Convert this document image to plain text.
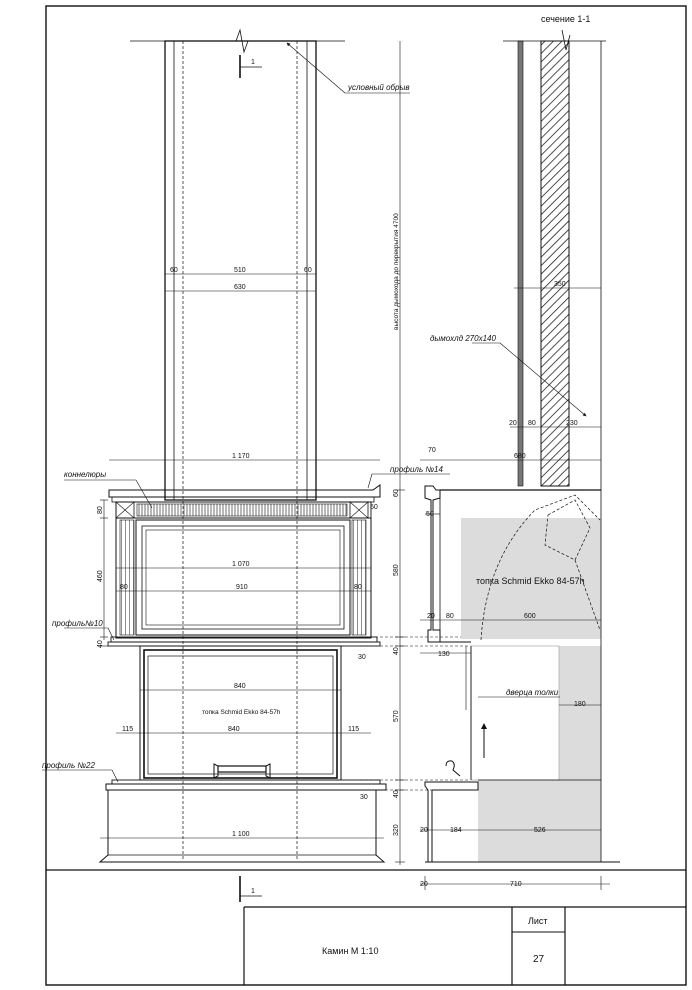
сечение 1-1
1
1
условный обрыв
высота дымохода до перекрытия 4700
дымохлд 270x140
коннелюры
профиль №14
профиль№10
профиль №22
топка Schmid Ekko 84-57h
топка Schmid Ekko 84-57h
дверца толки
60	510	60
630
1 170
80
460
50
1 070
80	910	80
40
840
115	840	115
1 100
30
30
60
580
40
570
40
320
350
20 80	230
70
680
50
20 80	600
130
180
20	184	526
20	710
Камин М 1:10
Лист
27
